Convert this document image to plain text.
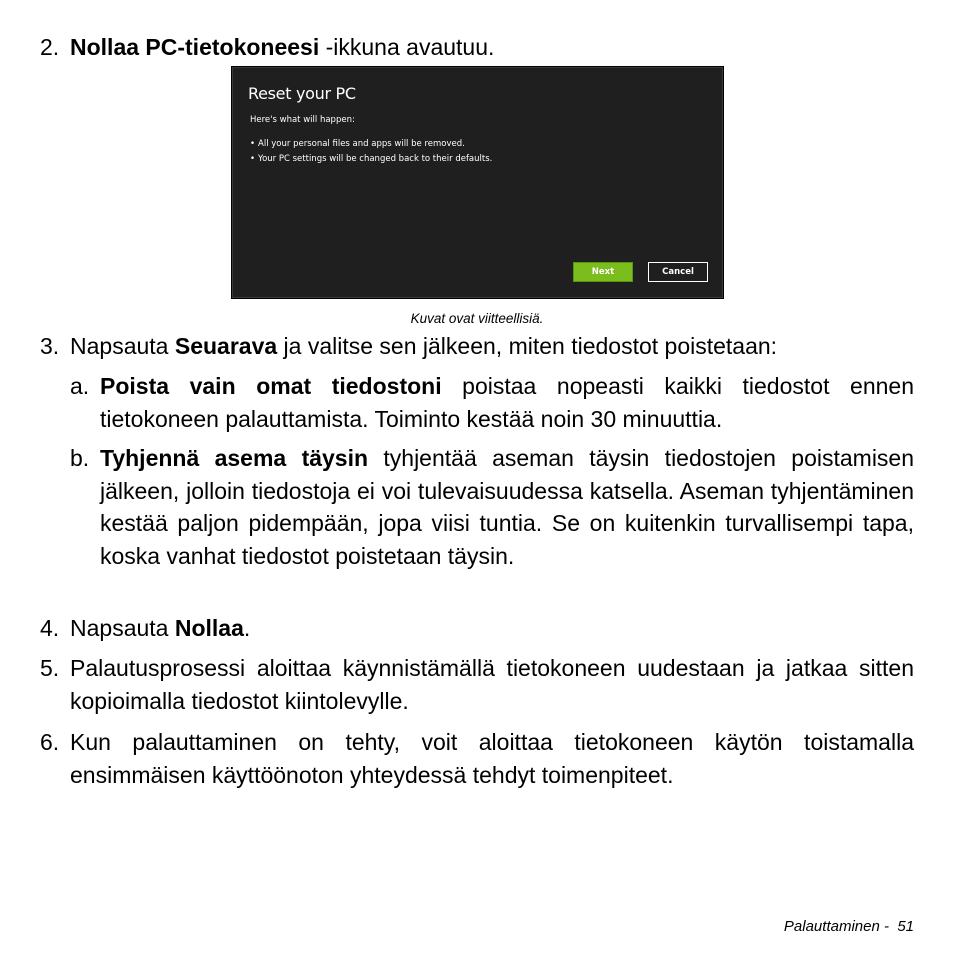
2. Nollaa PC-tietokoneesi -ikkuna avautuu.
Reset your PC
Here's what will happen:
• All your personal files and apps will be removed.
• Your PC settings will be changed back to their defaults.
Next	Cancel
Kuvat ovat viitteellisiä.
3. Napsauta Seuarava ja valitse sen jälkeen, miten tiedostot poistetaan:
a. Poista vain omat tiedostoni poistaa nopeasti kaikki tiedostot ennen tietokoneen palauttamista. Toiminto kestää noin 30 minuuttia.
b. Tyhjennä asema täysin tyhjentää aseman täysin tiedostojen poistamisen jälkeen, jolloin tiedostoja ei voi tulevaisuudessa katsella. Aseman tyhjentäminen kestää paljon pidempään, jopa viisi tuntia. Se on kuitenkin turvallisempi tapa, koska vanhat tiedostot poistetaan täysin.
4. Napsauta Nollaa.
5. Palautusprosessi aloittaa käynnistämällä tietokoneen uudestaan ja jatkaa sitten kopioimalla tiedostot kiintolevylle.
6. Kun palauttaminen on tehty, voit aloittaa tietokoneen käytön toistamalla ensimmäisen käyttöönoton yhteydessä tehdyt toimenpiteet.
Palauttaminen - 51
